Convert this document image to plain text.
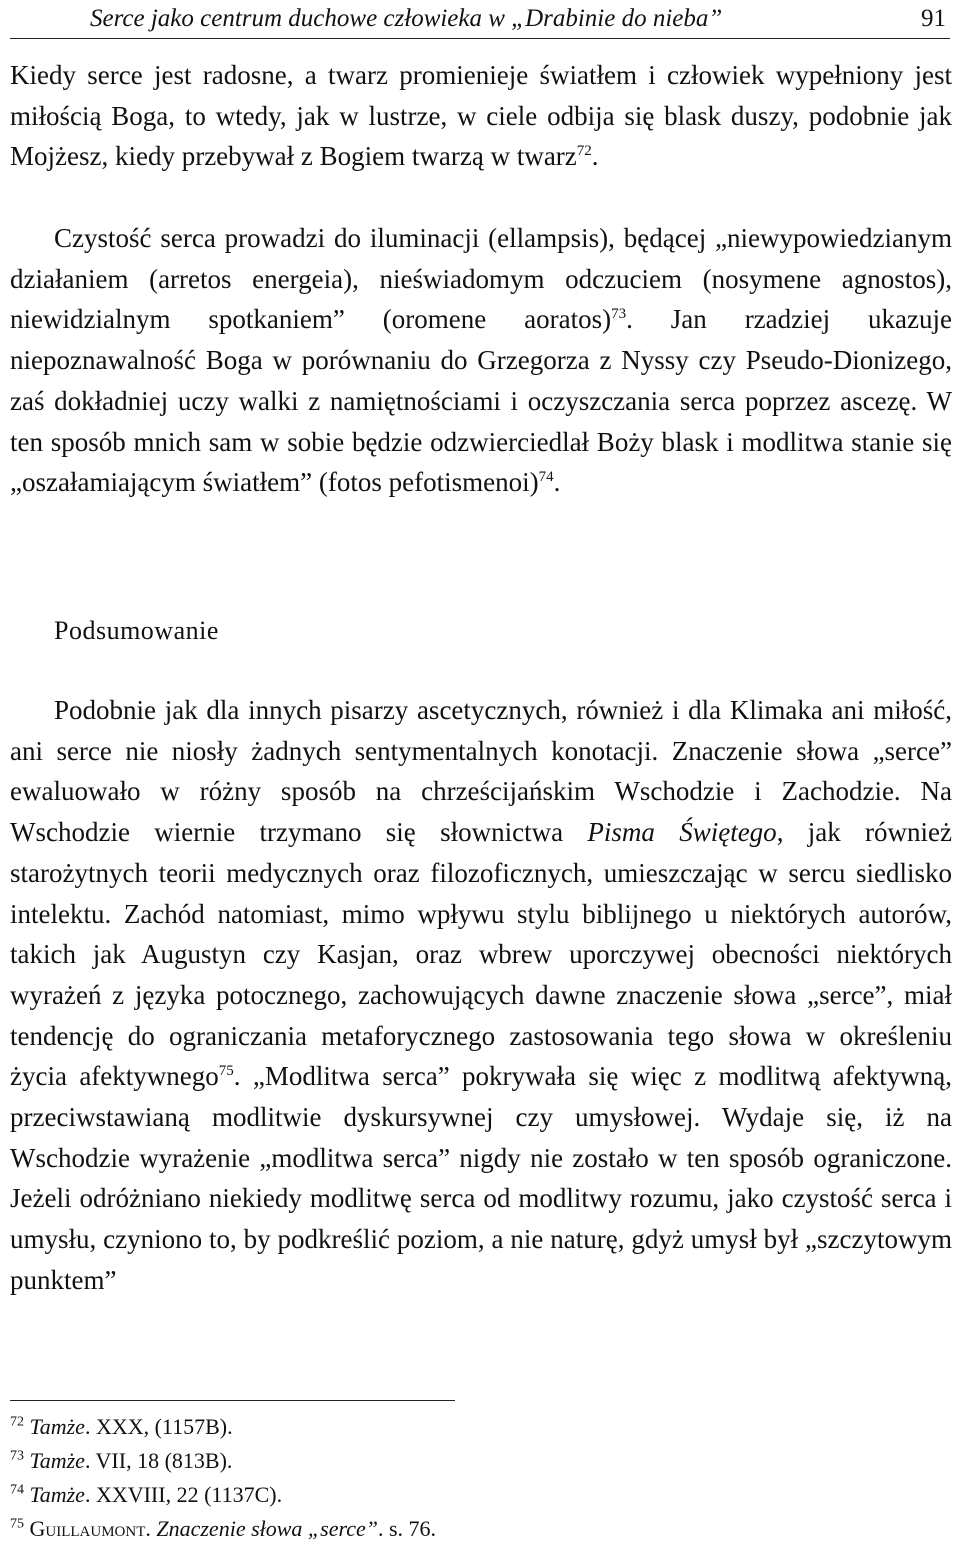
Serce jako centrum duchowe człowieka w „Drabinie do nieba”	91

Kiedy serce jest radosne, a twarz promienieje światłem i człowiek wypełniony jest miłością Boga, to wtedy, jak w lustrze, w ciele odbija się blask duszy, podobnie jak Mojżesz, kiedy przebywał z Bogiem twarzą w twarz$^{72}$.

Czystość serca prowadzi do iluminacji (ellampsis), będącej „niewypowiedzianym działaniem (arretos energeia), nieświadomym odczuciem (nosymene agnostos), niewidzialnym spotkaniem” (oromene aoratos)$^{73}$. Jan rzadziej ukazuje niepoznawalność Boga w porównaniu do Grzegorza z Nyssy czy Pseudo-Dionizego, zaś dokładniej uczy walki z namiętnościami i oczyszczania serca poprzez ascezę. W ten sposób mnich sam w sobie będzie odzwierciedlał Boży blask i modlitwa stanie się „oszałamiającym światłem” (fotos pefotismenoi)$^{74}$.

Podsumowanie

Podobnie jak dla innych pisarzy ascetycznych, również i dla Klimaka ani miłość, ani serce nie niosły żadnych sentymentalnych konotacji. Znaczenie słowa „serce” ewaluowało w różny sposób na chrześcijańskim Wschodzie i Zachodzie. Na Wschodzie wiernie trzymano się słownictwa Pisma Świętego, jak również starożytnych teorii medycznych oraz filozoficznych, umieszczając w sercu siedlisko intelektu. Zachód natomiast, mimo wpływu stylu biblijnego u niektórych autorów, takich jak Augustyn czy Kasjan, oraz wbrew uporczywej obecności niektórych wyrażeń z języka potocznego, zachowujących dawne znaczenie słowa „serce”, miał tendencję do ograniczania metaforycznego zastosowania tego słowa w określeniu życia afektywnego$^{75}$. „Modlitwa serca” pokrywała się więc z modlitwą afektywną, przeciwstawianą modlitwie dyskursywnej czy umysłowej. Wydaje się, iż na Wschodzie wyrażenie „modlitwa serca” nigdy nie zostało w ten sposób ograniczone. Jeżeli odróżniano niekiedy modlitwę serca od modlitwy rozumu, jako czystość serca i umysłu, czyniono to, by podkreślić poziom, a nie naturę, gdyż umysł był „szczytowym punktem”

$^{72}$ Tamże. XXX, (1157B).
$^{73}$ Tamże. VII, 18 (813B).
$^{74}$ Tamże. XXVIII, 22 (1137C).
$^{75}$ Guillaumont. Znaczenie słowa „serce”. s. 76.
